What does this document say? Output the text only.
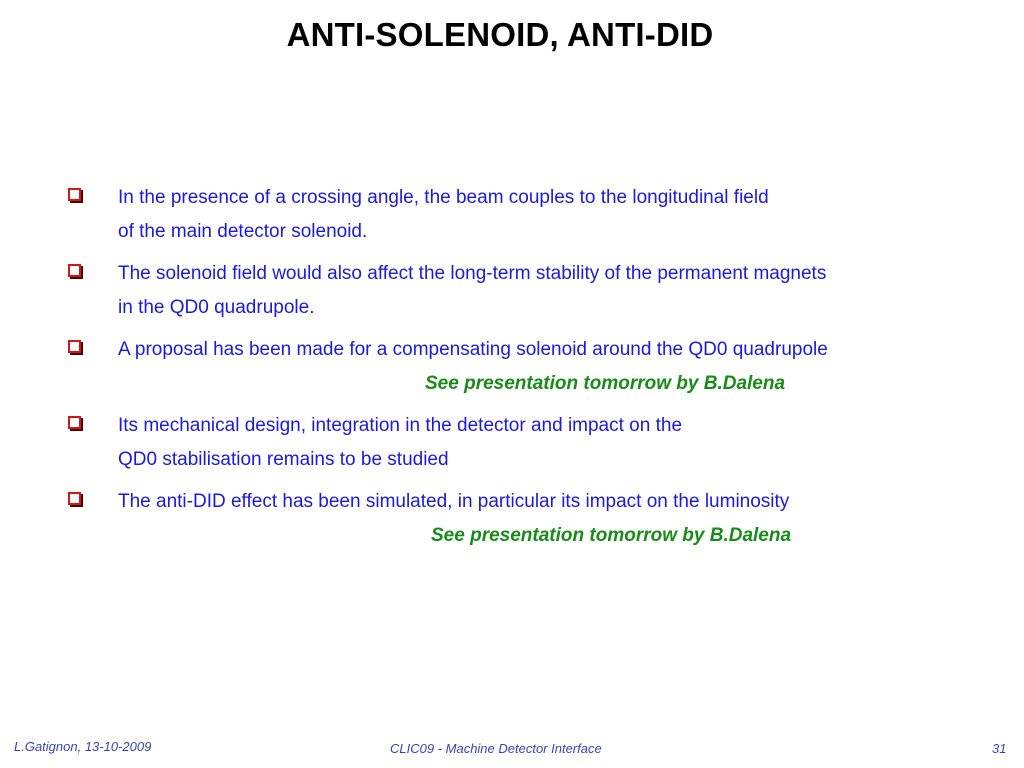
ANTI-SOLENOID, ANTI-DID
In the presence of a crossing angle, the beam couples to the longitudinal field
of the main detector solenoid.
The solenoid field would also affect the long-term stability of the permanent magnets
in the QD0 quadrupole.
A proposal has been made for a compensating solenoid around the QD0 quadrupole
See presentation tomorrow by B.Dalena
Its mechanical design, integration in the detector and impact on the
QD0 stabilisation remains to be studied
The anti-DID effect has been simulated, in particular its impact on the luminosity
See presentation tomorrow by B.Dalena
L.Gatignon, 13-10-2009	CLIC09 - Machine Detector Interface	31
